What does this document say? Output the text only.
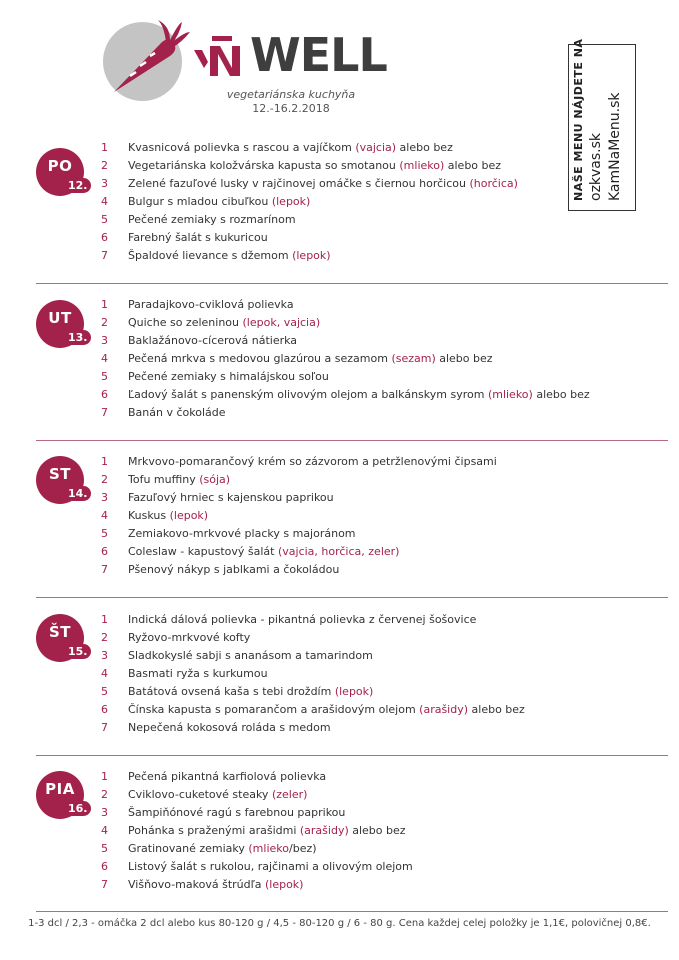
WELL
vegetariánska kuchyňa
12.-16.2.2018	NAŠE MENU NÁJDETE NA ozkvas.sk KamNaMenu.sk
PO
12.
1	Kvasnicová polievka s rascou a vajíčkom (vajcia) alebo bez
2	Vegetariánska koložvárska kapusta so smotanou (mlieko) alebo bez
3	Zelené fazuľové lusky v rajčinovej omáčke s čiernou horčicou (horčica)
4	Bulgur s mladou cibuľkou (lepok)
5	Pečené zemiaky s rozmarínom
6	Farebný šalát s kukuricou
7	Špaldové lievance s džemom (lepok)
UT
13.
1	Paradajkovo-cviklová polievka
2	Quiche so zeleninou (lepok, vajcia)
3	Baklažánovo-cícerová nátierka
4	Pečená mrkva s medovou glazúrou a sezamom (sezam) alebo bez
5	Pečené zemiaky s himalájskou soľou
6	Ľadový šalát s panenským olivovým olejom a balkánskym syrom (mlieko) alebo bez
7	Banán v čokoláde
ST
14.
1	Mrkvovo-pomarančový krém so zázvorom a petržlenovými čipsami
2	Tofu muffiny (sója)
3	Fazuľový hrniec s kajenskou paprikou
4	Kuskus (lepok)
5	Zemiakovo-mrkvové placky s majoránom
6	Coleslaw - kapustový šalát (vajcia, horčica, zeler)
7	Pšenový nákyp s jablkami a čokoládou
ŠT
15.
1	Indická dálová polievka - pikantná polievka z červenej šošovice
2	Ryžovo-mrkvové kofty
3	Sladkokyslé sabji s ananásom a tamarindom
4	Basmati ryža s kurkumou
5	Batátová ovsená kaša s tebi droždím (lepok)
6	Čínska kapusta s pomarančom a arašidovým olejom (arašidy) alebo bez
7	Nepečená kokosová roláda s medom
PIA
16.
1	Pečená pikantná karfiolová polievka
2	Cviklovo-cuketové steaky (zeler)
3	Šampiňónové ragú s farebnou paprikou
4	Pohánka s praženými arašidmi (arašidy) alebo bez
5	Gratinované zemiaky (mlieko/bez)
6	Listový šalát s rukolou, rajčinami a olivovým olejom
7	Višňovo-maková štrúdľa (lepok)
1-3 dcl / 2,3 - omáčka 2 dcl alebo kus 80-120 g / 4,5 - 80-120 g / 6 - 80 g. Cena každej celej položky je 1,1€, polovičnej 0,8€.
